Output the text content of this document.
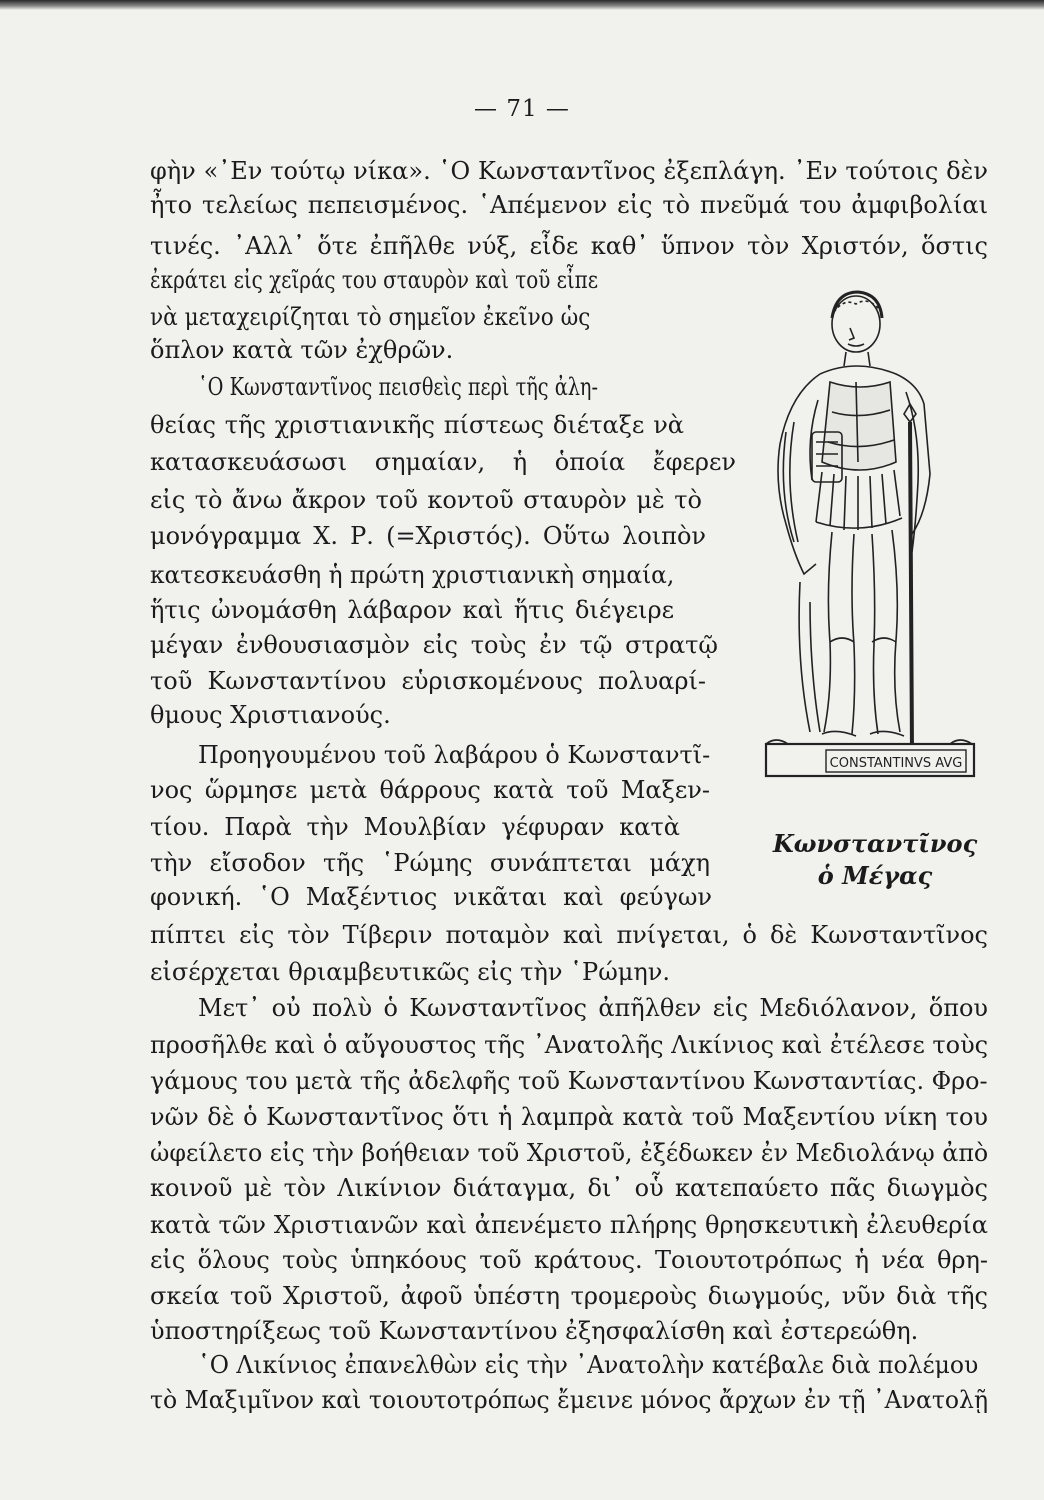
— 71 —
φὴν «᾿Εν τούτῳ νίκα». ῾Ο Κωνσταντῖνος ἐξεπλάγη. ᾿Εν τούτοις δὲν
ἦτο τελείως πεπεισμένος. ῾Απέμενον εἰς τὸ πνεῦμά του ἀμφιβολίαι
τινές. ᾿Αλλ᾿ ὅτε ἐπῆλθε νύξ, εἶδε καθ᾿ ὕπνον τὸν Χριστόν, ὅστις
ἐκράτει εἰς χεῖράς του σταυρὸν καὶ τοῦ εἶπε
νὰ μεταχειρίζηται τὸ σημεῖον ἐκεῖνο ὡς
ὅπλον κατὰ τῶν ἐχθρῶν.
῾Ο Κωνσταντῖνος πεισθεὶς περὶ τῆς ἀλη-
θείας τῆς χριστιανικῆς πίστεως διέταξε νὰ
κατασκευάσωσι σημαίαν, ἡ ὁποία ἔφερεν
εἰς τὸ ἄνω ἄκρον τοῦ κοντοῦ σταυρὸν μὲ τὸ
μονόγραμμα Χ. Ρ. (=Χριστός). Οὕτω λοιπὸν
κατεσκευάσθη ἡ πρώτη χριστιανικὴ σημαία,
ἥτις ὠνομάσθη λάβαρον καὶ ἥτις διέγειρε
μέγαν ἐνθουσιασμὸν εἰς τοὺς ἐν τῷ στρατῷ
τοῦ Κωνσταντίνου εὑρισκομένους πολυαρί-
θμους Χριστιανούς.
Προηγουμένου τοῦ λαβάρου ὁ Κωνσταντῖ-
νος ὥρμησε μετὰ θάρρους κατὰ τοῦ Μαξεν-
τίου. Παρὰ τὴν Μουλβίαν γέφυραν κατὰ
τὴν εἴσοδον τῆς ῾Ρώμης συνάπτεται μάχη
φονική. ῾Ο Μαξέντιος νικᾶται καὶ φεύγων
πίπτει εἰς τὸν Τίβεριν ποταμὸν καὶ πνίγεται, ὁ δὲ Κωνσταντῖνος
εἰσέρχεται θριαμβευτικῶς εἰς τὴν ῾Ρώμην.
Μετ᾿ οὐ πολὺ ὁ Κωνσταντῖνος ἀπῆλθεν εἰς Μεδιόλανον, ὅπου
προσῆλθε καὶ ὁ αὔγουστος τῆς ᾿Ανατολῆς Λικίνιος καὶ ἐτέλεσε τοὺς
γάμους του μετὰ τῆς ἀδελφῆς τοῦ Κωνσταντίνου Κωνσταντίας. Φρο-
νῶν δὲ ὁ Κωνσταντῖνος ὅτι ἡ λαμπρὰ κατὰ τοῦ Μαξεντίου νίκη του
ὠφείλετο εἰς τὴν βοήθειαν τοῦ Χριστοῦ, ἐξέδωκεν ἐν Μεδιολάνῳ ἀπὸ
κοινοῦ μὲ τὸν Λικίνιον διάταγμα, δι᾿ οὗ κατεπαύετο πᾶς διωγμὸς
κατὰ τῶν Χριστιανῶν καὶ ἀπενέμετο πλήρης θρησκευτικὴ ἐλευθερία
εἰς ὅλους τοὺς ὑπηκόους τοῦ κράτους. Τοιουτοτρόπως ἡ νέα θρη-
σκεία τοῦ Χριστοῦ, ἀφοῦ ὑπέστη τρομεροὺς διωγμούς, νῦν διὰ τῆς
ὑποστηρίξεως τοῦ Κωνσταντίνου ἐξησφαλίσθη καὶ ἐστερεώθη.
῾Ο Λικίνιος ἐπανελθὼν εἰς τὴν ᾿Ανατολὴν κατέβαλε διὰ πολέμου
τὸ Μαξιμῖνον καὶ τοιουτοτρόπως ἔμεινε μόνος ἄρχων ἐν τῇ ᾿Ανατολῇ
CONSTANTINVS AVG
Κωνσταντῖνος
ὁ Μέγας
